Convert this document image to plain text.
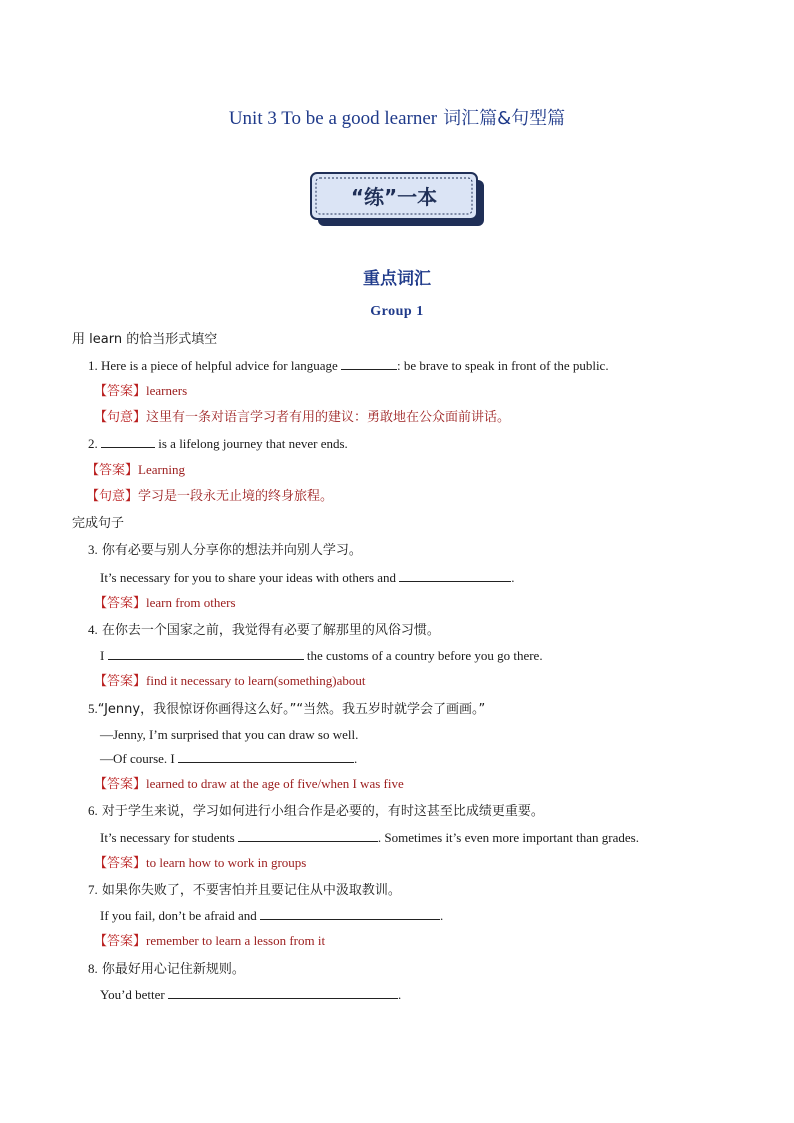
Unit 3 To be a good learner 词汇篇&句型篇
“练”一本
重点词汇
Group 1
用 learn 的恰当形式填空
1. Here is a piece of helpful advice for language	: be brave to speak in front of the public.
【答案】learners
【句意】这里有一条对语言学习者有用的建议：勇敢地在公众面前讲话。
2.	is a lifelong journey that never ends.
【答案】Learning
【句意】学习是一段永无止境的终身旅程。
完成句子
3. 你有必要与别人分享你的想法并向别人学习。
It’s necessary for you to share your ideas with others and	.
【答案】learn from others
4. 在你去一个国家之前，我觉得有必要了解那里的风俗习惯。
I	the customs of a country before you go there.
【答案】find it necessary to learn(something)about
5.“Jenny，我很惊讶你画得这么好。”“当然。我五岁时就学会了画画。”
—Jenny, I’m surprised that you can draw so well.
—Of course. I	.
【答案】learned to draw at the age of five/when I was five
6. 对于学生来说，学习如何进行小组合作是必要的，有时这甚至比成绩更重要。
It’s necessary for students	. Sometimes it’s even more important than grades.
【答案】to learn how to work in groups
7. 如果你失败了，不要害怕并且要记住从中汲取教训。
If you fail, don’t be afraid and	.
【答案】remember to learn a lesson from it
8. 你最好用心记住新规则。
You’d better	.
